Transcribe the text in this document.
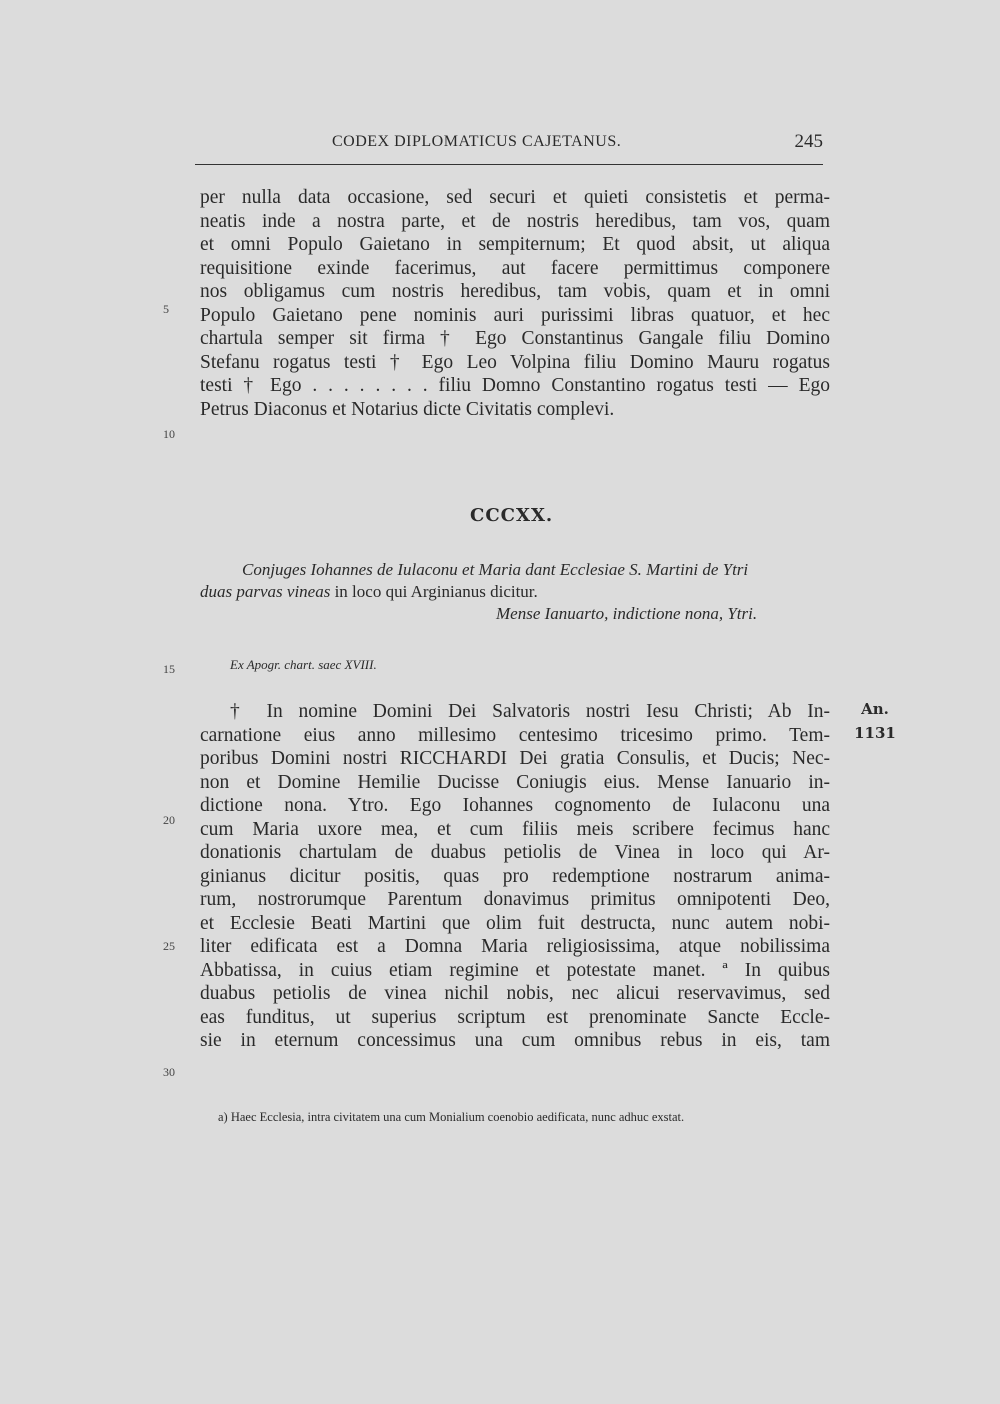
CODEX DIPLOMATICUS CAJETANUS.	245
per nulla data occasione, sed securi et quieti consistetis et perma-
neatis inde a nostra parte, et de nostris heredibus, tam vos, quam
et omni Populo Gaietano in sempiternum; Et quod absit, ut aliqua
requisitione exinde facerimus, aut facere permittimus componere
nos obligamus cum nostris heredibus, tam vobis, quam et in omni
Populo Gaietano pene nominis auri purissimi libras quatuor, et hec
chartula semper sit firma † Ego Constantinus Gangale filiu Domino
Stefanu rogatus testi † Ego Leo Volpina filiu Domino Mauru rogatus
testi † Ego . . . . . . . . filiu Domno Constantino rogatus testi — Ego
Petrus Diaconus et Notarius dicte Civitatis complevi.
5
10
CCCXX.
Conjuges Iohannes de Iulaconu et Maria dant Ecclesiae S. Martini de Ytri
duas parvas vineas in loco qui Arginianus dicitur.
Mense Ianuarto, indictione nona, Ytri.
15	Ex Apogr. chart. saec XVIII.
An.
1131
† In nomine Domini Dei Salvatoris nostri Iesu Christi; Ab In-
carnatione eius anno millesimo centesimo tricesimo primo. Tem-
poribus Domini nostri RICCHARDI Dei gratia Consulis, et Ducis; Nec-
non et Domine Hemilie Ducisse Coniugis eius. Mense Ianuario in-
dictione nona. Ytro. Ego Iohannes cognomento de Iulaconu una
cum Maria uxore mea, et cum filiis meis scribere fecimus hanc
donationis chartulam de duabus petiolis de Vinea in loco qui Ar-
ginianus dicitur positis, quas pro redemptione nostrarum anima-
rum, nostrorumque Parentum donavimus primitus omnipotenti Deo,
et Ecclesie Beati Martini que olim fuit destructa, nunc autem nobi-
liter edificata est a Domna Maria religiosissima, atque nobilissima
Abbatissa, in cuius etiam regimine et potestate manet. ª In quibus
duabus petiolis de vinea nichil nobis, nec alicui reservavimus, sed
eas funditus, ut superius scriptum est prenominate Sancte Eccle-
sie in eternum concessimus una cum omnibus rebus in eis, tam
20
25
30
a) Haec Ecclesia, intra civitatem una cum Monialium coenobio aedificata, nunc adhuc exstat.
